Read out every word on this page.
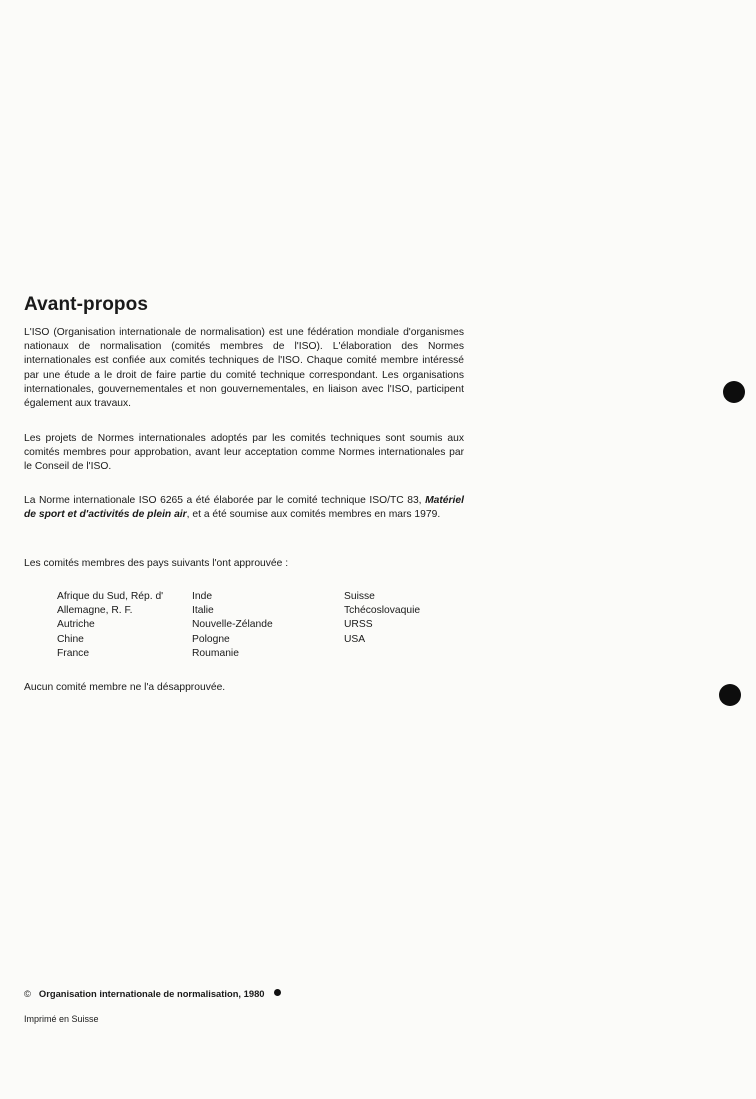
Avant-propos

L'ISO (Organisation internationale de normalisation) est une fédération mondiale d'organismes nationaux de normalisation (comités membres de l'ISO). L'élaboration des Normes internationales est confiée aux comités techniques de l'ISO. Chaque comité membre intéressé par une étude a le droit de faire partie du comité technique correspondant. Les organisations internationales, gouvernementales et non gouvernementales, en liaison avec l'ISO, participent également aux travaux.

Les projets de Normes internationales adoptés par les comités techniques sont soumis aux comités membres pour approbation, avant leur acceptation comme Normes internationales par le Conseil de l'ISO.

La Norme internationale ISO 6265 a été élaborée par le comité technique ISO/TC 83, Matériel de sport et d'activités de plein air, et a été soumise aux comités membres en mars 1979.

Les comités membres des pays suivants l'ont approuvée :

Afrique du Sud, Rép. d'
Allemagne, R. F.
Autriche
Chine
France
Inde
Italie
Nouvelle-Zélande
Pologne
Roumanie
Suisse
Tchécoslovaquie
URSS
USA

Aucun comité membre ne l'a désapprouvée.

© Organisation internationale de normalisation, 1980

Imprimé en Suisse
